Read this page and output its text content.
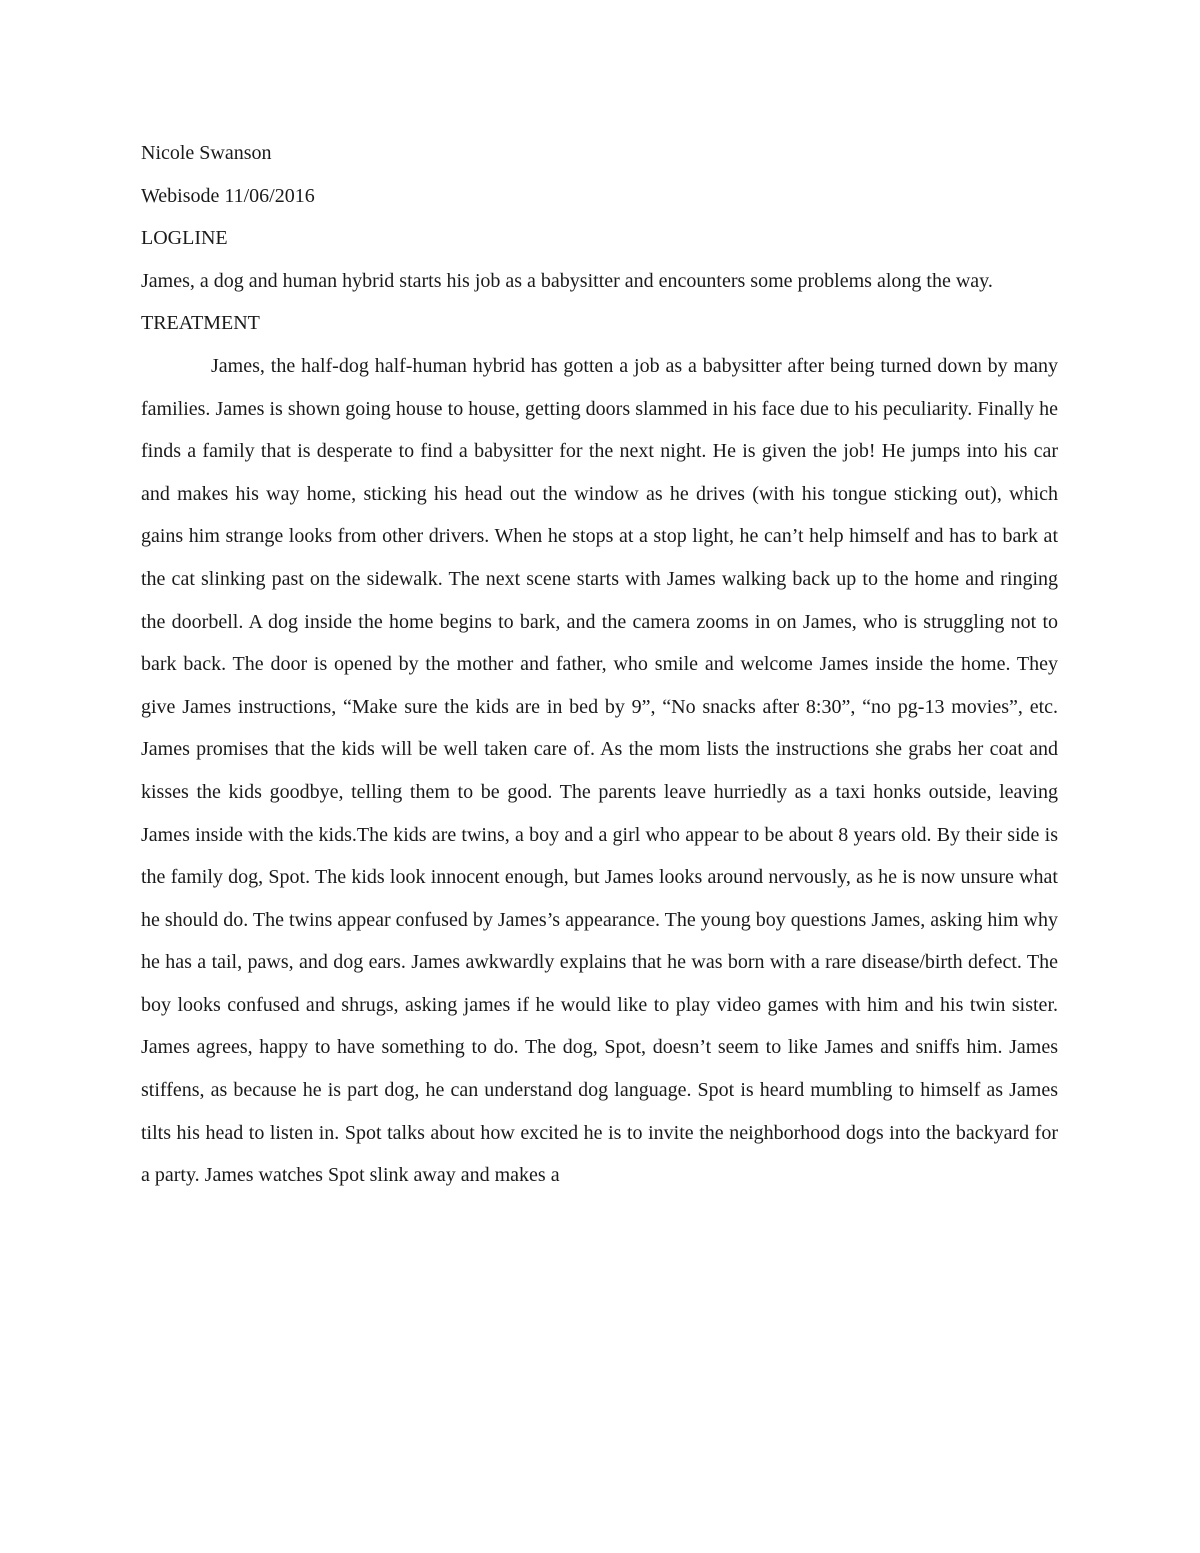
Nicole Swanson

Webisode 11/06/2016

LOGLINE

James, a dog and human hybrid starts his job as a babysitter and encounters some problems along the way.

TREATMENT

James, the half-dog half-human hybrid has gotten a job as a babysitter after being turned down by many families. James is shown going house to house, getting doors slammed in his face due to his peculiarity. Finally he finds a family that is desperate to find a babysitter for the next night. He is given the job! He jumps into his car and makes his way home, sticking his head out the window as he drives (with his tongue sticking out), which gains him strange looks from other drivers. When he stops at a stop light, he can’t help himself and has to bark at the cat slinking past on the sidewalk. The next scene starts with James walking back up to the home and ringing the doorbell. A dog inside the home begins to bark, and the camera zooms in on James, who is struggling not to bark back. The door is opened by the mother and father, who smile and welcome James inside the home. They give James instructions, “Make sure the kids are in bed by 9”, “No snacks after 8:30”, “no pg-13 movies”, etc. James promises that the kids will be well taken care of. As the mom lists the instructions she grabs her coat and kisses the kids goodbye, telling them to be good. The parents leave hurriedly as a taxi honks outside, leaving James inside with the kids.The kids are twins, a boy and a girl who appear to be about 8 years old. By their side is the family dog, Spot. The kids look innocent enough, but James looks around nervously, as he is now unsure what he should do. The twins appear confused by James’s appearance. The young boy questions James, asking him why he has a tail, paws, and dog ears. James awkwardly explains that he was born with a rare disease/birth defect. The boy looks confused and shrugs, asking james if he would like to play video games with him and his twin sister. James agrees, happy to have something to do. The dog, Spot, doesn’t seem to like James and sniffs him. James stiffens, as because he is part dog, he can understand dog language. Spot is heard mumbling to himself as James tilts his head to listen in. Spot talks about how excited he is to invite the neighborhood dogs into the backyard for a party. James watches Spot slink away and makes a
